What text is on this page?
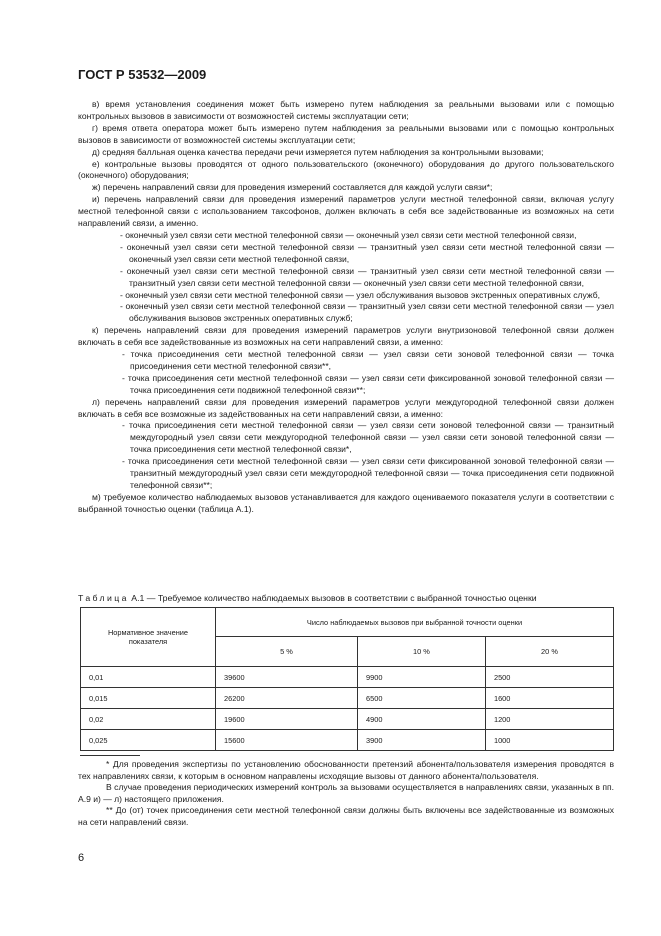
ГОСТ Р 53532—2009

в) время установления соединения может быть измерено путем наблюдения за реальными вызовами или с помощью контрольных вызовов в зависимости от возможностей системы эксплуатации сети;

г) время ответа оператора может быть измерено путем наблюдения за реальными вызовами или с помощью контрольных вызовов в зависимости от возможностей системы эксплуатации сети;

д) средняя балльная оценка качества передачи речи измеряется путем наблюдения за контрольными вызовами;

е) контрольные вызовы проводятся от одного пользовательского (оконечного) оборудования до другого пользовательского (оконечного) оборудования;

ж) перечень направлений связи для проведения измерений составляется для каждой услуги связи*;

и) перечень направлений связи для проведения измерений параметров услуги местной телефонной связи, включая услугу местной телефонной связи с использованием таксофонов, должен включать в себя все задействованные из возможных на сети направлений связи, а именно.

- оконечный узел связи сети местной телефонной связи — оконечный узел связи сети местной телефонной связи,

- оконечный узел связи сети местной телефонной связи — транзитный узел связи сети местной телефонной связи — оконечный узел связи сети местной телефонной связи,

- оконечный узел связи сети местной телефонной связи — транзитный узел связи сети местной телефонной связи — транзитный узел связи сети местной телефонной связи — оконечный узел связи сети местной телефонной связи,

- оконечный узел связи сети местной телефонной связи — узел обслуживания вызовов экстренных оперативных служб,

- оконечный узел связи сети местной телефонной связи — транзитный узел связи сети местной телефонной связи — узел обслуживания вызовов экстренных оперативных служб;

к) перечень направлений связи для проведения измерений параметров услуги внутризоновой телефонной связи должен включать в себя все задействованные из возможных на сети направлений связи, а именно:

- точка присоединения сети местной телефонной связи — узел связи сети зоновой телефонной связи — точка присоединения сети местной телефонной связи**,

- точка присоединения сети местной телефонной связи — узел связи сети фиксированной зоновой телефонной связи — точка присоединения сети подвижной телефонной связи**;

л) перечень направлений связи для проведения измерений параметров услуги междугородной телефонной связи должен включать в себя все возможные из задействованных на сети направлений связи, а именно:

- точка присоединения сети местной телефонной связи — узел связи сети зоновой телефонной связи — транзитный междугородный узел связи сети междугородной телефонной связи — узел связи сети зоновой телефонной связи — точка присоединения сети местной телефонной связи*,

- точка присоединения сети местной телефонной связи — узел связи сети фиксированной зоновой телефонной связи — транзитный междугородный узел связи сети междугородной телефонной связи — точка присоединения сети подвижной телефонной связи**;

м) требуемое количество наблюдаемых вызовов устанавливается для каждого оцениваемого показателя услуги в соответствии с выбранной точностью оценки (таблица А.1).

Таблица А.1 — Требуемое количество наблюдаемых вызовов в соответствии с выбранной точностью оценки
Нормативное значение показателя	Число наблюдаемых вызовов при выбранной точности оценки		
	5 %	10 %	20 %
0,01	39600	9900	2500
0,015	26200	6500	1600
0,02	19600	4900	1200
0,025	15600	3900	1000

* Для проведения экспертизы по установлению обоснованности претензий абонента/пользователя измерения проводятся в тех направлениях связи, к которым в основном направлены исходящие вызовы от данного абонента/пользователя.

В случае проведения периодических измерений контроль за вызовами осуществляется в направлениях связи, указанных в пп. А.9 и) — л) настоящего приложения.

** До (от) точек присоединения сети местной телефонной связи должны быть включены все задействованные из возможных на сети направлений связи.

6
